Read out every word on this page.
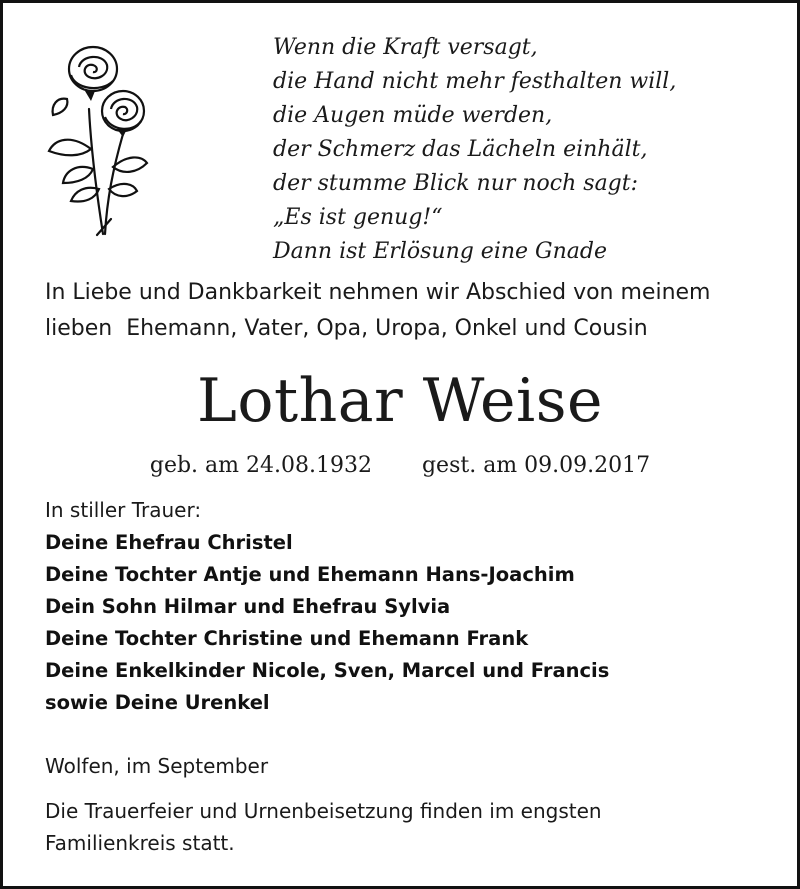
Wenn die Kraft versagt,
die Hand nicht mehr festhalten will,
die Augen müde werden,
der Schmerz das Lächeln einhält,
der stumme Blick nur noch sagt:
„Es ist genug!“
Dann ist Erlösung eine Gnade
In Liebe und Dankbarkeit nehmen wir Abschied von meinem
lieben  Ehemann, Vater, Opa, Uropa, Onkel und Cousin
Lothar Weise
geb. am 24.08.1932 gest. am 09.09.2017
In stiller Trauer:
Deine Ehefrau Christel
Deine Tochter Antje und Ehemann Hans-Joachim
Dein Sohn Hilmar und Ehefrau Sylvia
Deine Tochter Christine und Ehemann Frank
Deine Enkelkinder Nicole, Sven, Marcel und Francis
sowie Deine Urenkel
Wolfen, im September
Die Trauerfeier und Urnenbeisetzung finden im engsten
Familienkreis statt.
